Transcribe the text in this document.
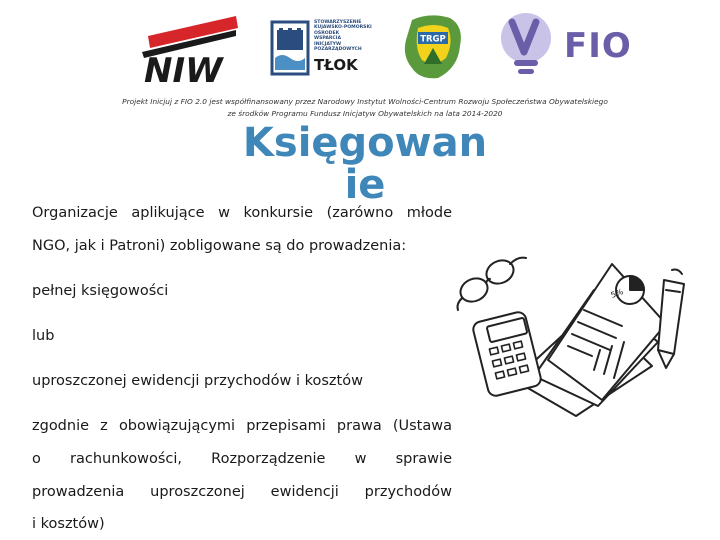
NIW
STOWARZYSZENIE
KUJAWSKO-POMORSKI
OŚRODEK
WSPARCIA
INICJATYW
POZARZĄDOWYCH
TŁOK
TRGP	FIO
Projekt Inicjuj z FIO 2.0 jest współfinansowany przez Narodowy Instytut Wolności-Centrum Rozwoju Społeczeństwa Obywatelskiego
ze środków Programu Fundusz Inicjatyw Obywatelskich na lata 2014-2020
Księgowan
ie
Organizacje aplikujące w konkursie (zarówno młode
NGO, jak i Patroni) zobligowane są do prowadzenia:
pełnej księgowości
lub
uproszczonej ewidencji przychodów i kosztów
zgodnie z obowiązującymi przepisami prawa (Ustawa
o rachunkowości, Rozporządzenie w sprawie
prowadzenia uproszczonej ewidencji przychodów
i kosztów)
5%
